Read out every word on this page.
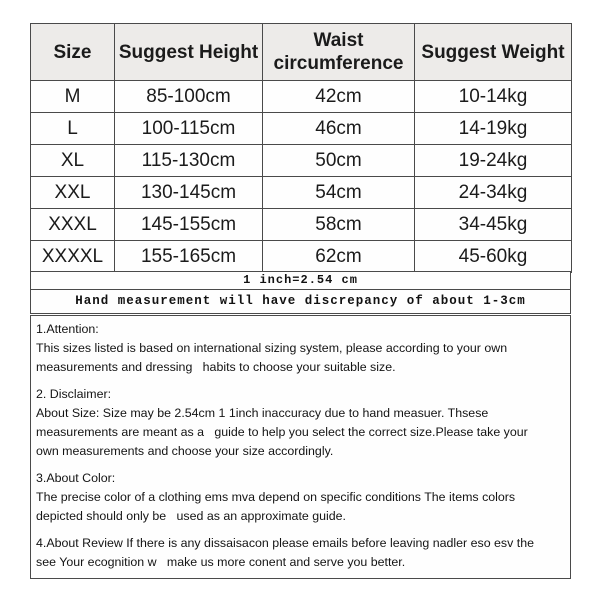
Size	Suggest Height	Waist circumference	Suggest Weight
M	85-100cm	42cm	10-14kg
L	100-115cm	46cm	14-19kg
XL	115-130cm	50cm	19-24kg
XXL	130-145cm	54cm	24-34kg
XXXL	145-155cm	58cm	34-45kg
XXXXL	155-165cm	62cm	45-60kg
1 inch=2.54 cm
Hand measurement will have discrepancy of about 1-3cm
1.Attention:
This sizes listed is based on international sizing system, please according to your own
measurements and dressing   habits to choose your suitable size.
2. Disclaimer:
About Size: Size may be 2.54cm 1 1inch inaccuracy due to hand measuer. Thsese
measurements are meant as a   guide to help you select the correct size.Please take your
own measurements and choose your size accordingly.
3.About Color:
The precise color of a clothing ems mva depend on specific conditions The items colors
depicted should only be   used as an approximate guide.
4.About Review If there is any dissaisacon please emails before leaving nadler eso esv the
see Your ecognition w   make us more conent and serve you better.
